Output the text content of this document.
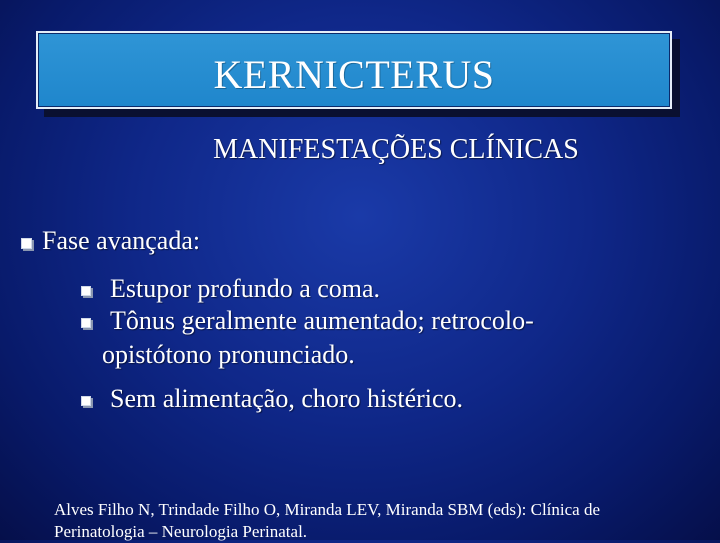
KERNICTERUS
MANIFESTAÇÕES CLÍNICAS
Fase avançada:
Estupor profundo a coma.
Tônus geralmente aumentado; retrocolo-
opistótono pronunciado.
Sem alimentação, choro histérico.
Alves Filho N, Trindade Filho O, Miranda LEV, Miranda SBM (eds): Clínica de Perinatologia – Neurologia Perinatal.
